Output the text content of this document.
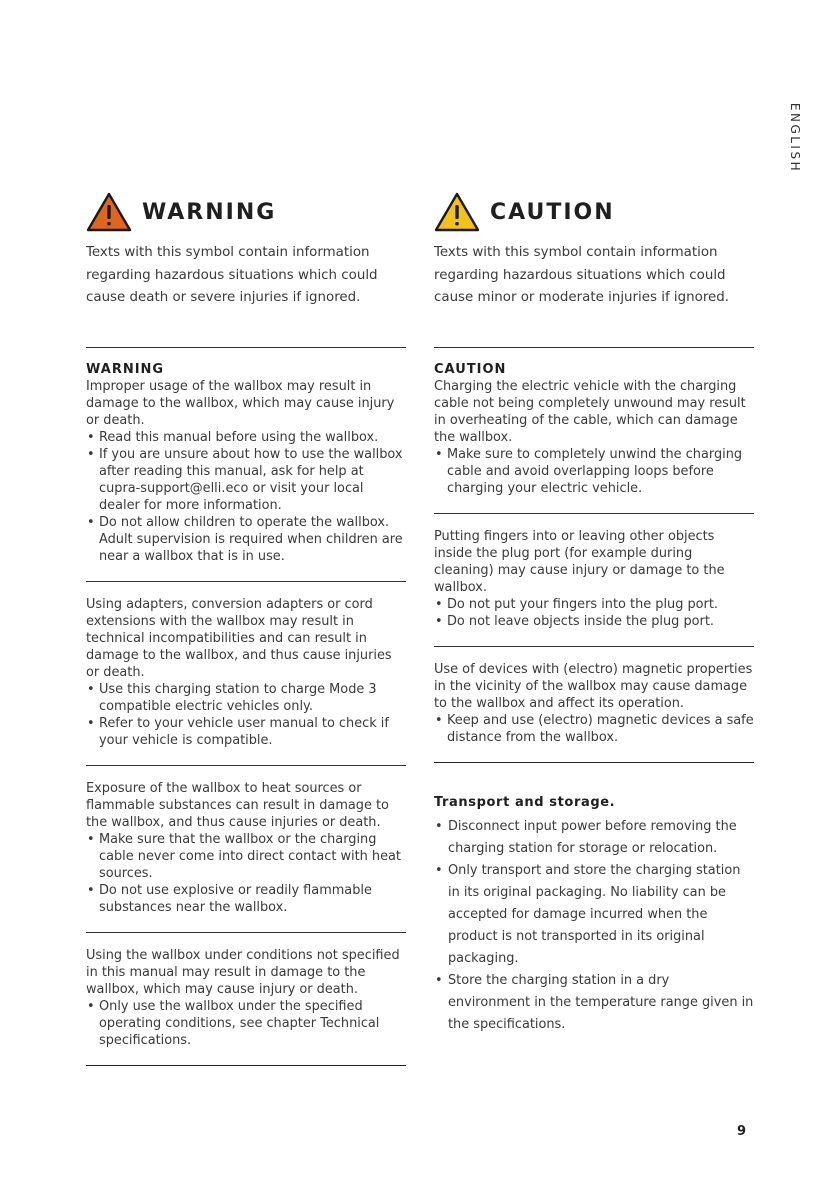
ENGLISH
WARNING

Texts with this symbol contain information regarding hazardous situations which could cause death or severe injuries if ignored.

CAUTION

Texts with this symbol contain information regarding hazardous situations which could cause minor or moderate injuries if ignored.

WARNING

Improper usage of the wallbox may result in damage to the wallbox, which may cause injury or death.

• Read this manual before using the wallbox.
• If you are unsure about how to use the wallbox after reading this manual, ask for help at cupra-support@elli.eco or visit your local dealer for more information.
• Do not allow children to operate the wallbox. Adult supervision is required when children are near a wallbox that is in use.

Using adapters, conversion adapters or cord extensions with the wallbox may result in technical incompatibilities and can result in damage to the wallbox, and thus cause injuries or death.

• Use this charging station to charge Mode 3 compatible electric vehicles only.
• Refer to your vehicle user manual to check if your vehicle is compatible.

Exposure of the wallbox to heat sources or flammable substances can result in damage to the wallbox, and thus cause injuries or death.

• Make sure that the wallbox or the charging cable never come into direct contact with heat sources.
• Do not use explosive or readily flammable substances near the wallbox.

Using the wallbox under conditions not specified in this manual may result in damage to the wallbox, which may cause injury or death.

• Only use the wallbox under the specified operating conditions, see chapter Technical specifications.
CAUTION

Charging the electric vehicle with the charging cable not being completely unwound may result in overheating of the cable, which can damage the wallbox.

• Make sure to completely unwind the charging cable and avoid overlapping loops before charging your electric vehicle.

Putting fingers into or leaving other objects inside the plug port (for example during cleaning) may cause injury or damage to the wallbox.

• Do not put your fingers into the plug port.
• Do not leave objects inside the plug port.

Use of devices with (electro) magnetic properties in the vicinity of the wallbox may cause damage to the wallbox and affect its operation.

• Keep and use (electro) magnetic devices a safe distance from the wallbox.
Transport and storage.
• Disconnect input power before removing the charging station for storage or relocation.
• Only transport and store the charging station in its original packaging. No liability can be accepted for damage incurred when the product is not transported in its original packaging.
• Store the charging station in a dry environment in the temperature range given in the specifications.
9
